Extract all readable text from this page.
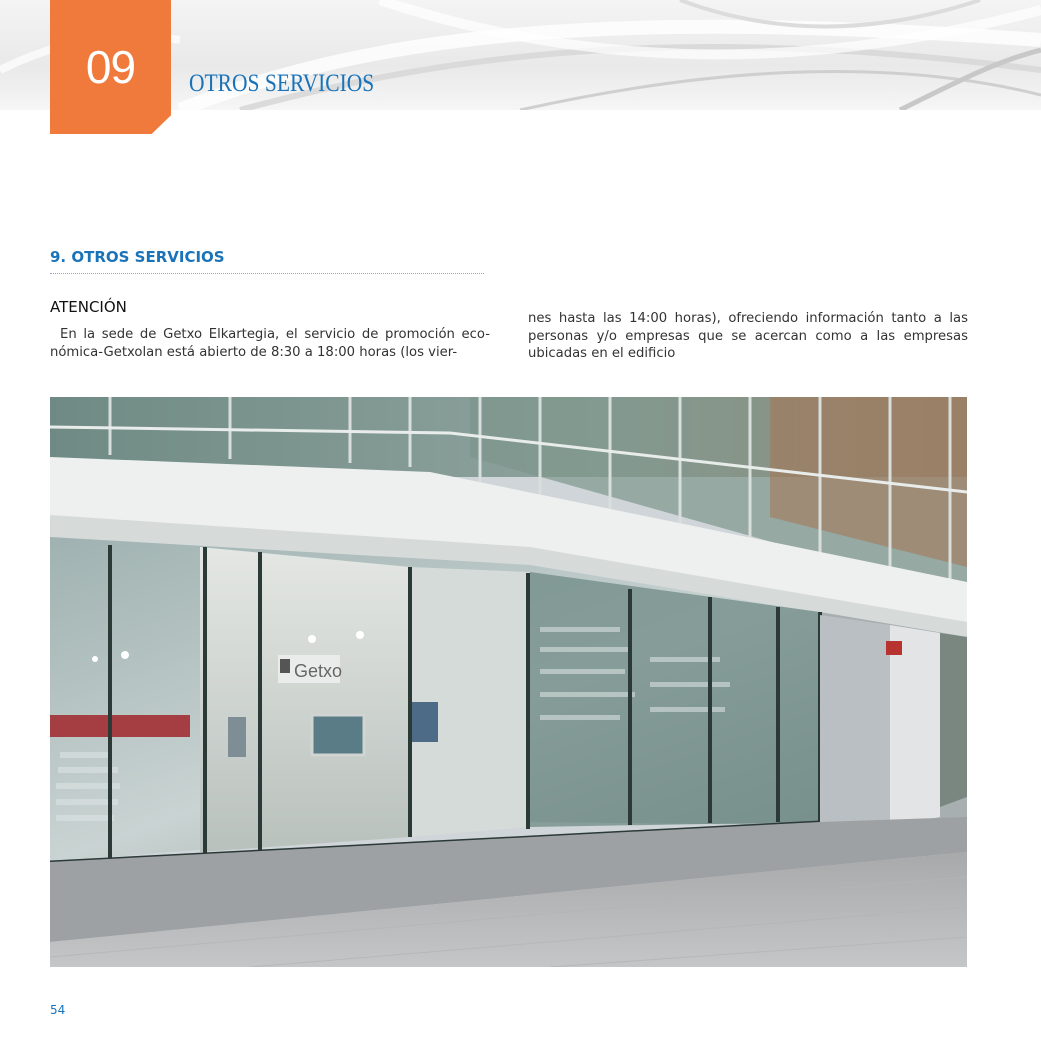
09	OTROS SERVICIOS
9. OTROS SERVICIOS
ATENCIÓN

En la sede de Getxo Elkartegia, el servicio de promoción eco-nómica-Getxolan está abierto de 8:30 a 18:00 horas (los vier-

nes hasta las 14:00 horas), ofreciendo información tanto a las personas y/o empresas que se acercan como a las empresas ubicadas en el edificio

Getxo
54
